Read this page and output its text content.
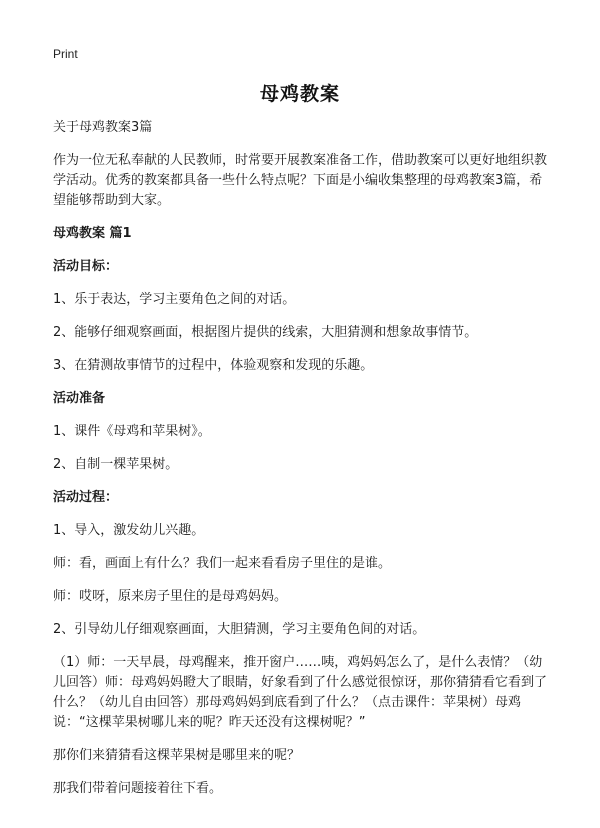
Print
母鸡教案

关于母鸡教案3篇

作为一位无私奉献的人民教师，时常要开展教案准备工作，借助教案可以更好地组织教学活动。优秀的教案都具备一些什么特点呢？下面是小编收集整理的母鸡教案3篇，希望能够帮助到大家。

母鸡教案 篇1

活动目标：

1、乐于表达，学习主要角色之间的对话。

2、能够仔细观察画面，根据图片提供的线索，大胆猜测和想象故事情节。

3、在猜测故事情节的过程中，体验观察和发现的乐趣。

活动准备

1、课件《母鸡和苹果树》。

2、自制一棵苹果树。

活动过程：

1、导入，激发幼儿兴趣。

师：看，画面上有什么？我们一起来看看房子里住的是谁。

师：哎呀，原来房子里住的是母鸡妈妈。

2、引导幼儿仔细观察画面，大胆猜测，学习主要角色间的对话。

（1）师：一天早晨，母鸡醒来，推开窗户……咦，鸡妈妈怎么了，是什么表情？（幼儿回答）师：母鸡妈妈瞪大了眼睛，好象看到了什么感觉很惊讶，那你猜猜看它看到了什么？（幼儿自由回答）那母鸡妈妈到底看到了什么？（点击课件：苹果树）母鸡说：“这棵苹果树哪儿来的呢？昨天还没有这棵树呢？”

那你们来猜猜看这棵苹果树是哪里来的呢？

那我们带着问题接着往下看。
